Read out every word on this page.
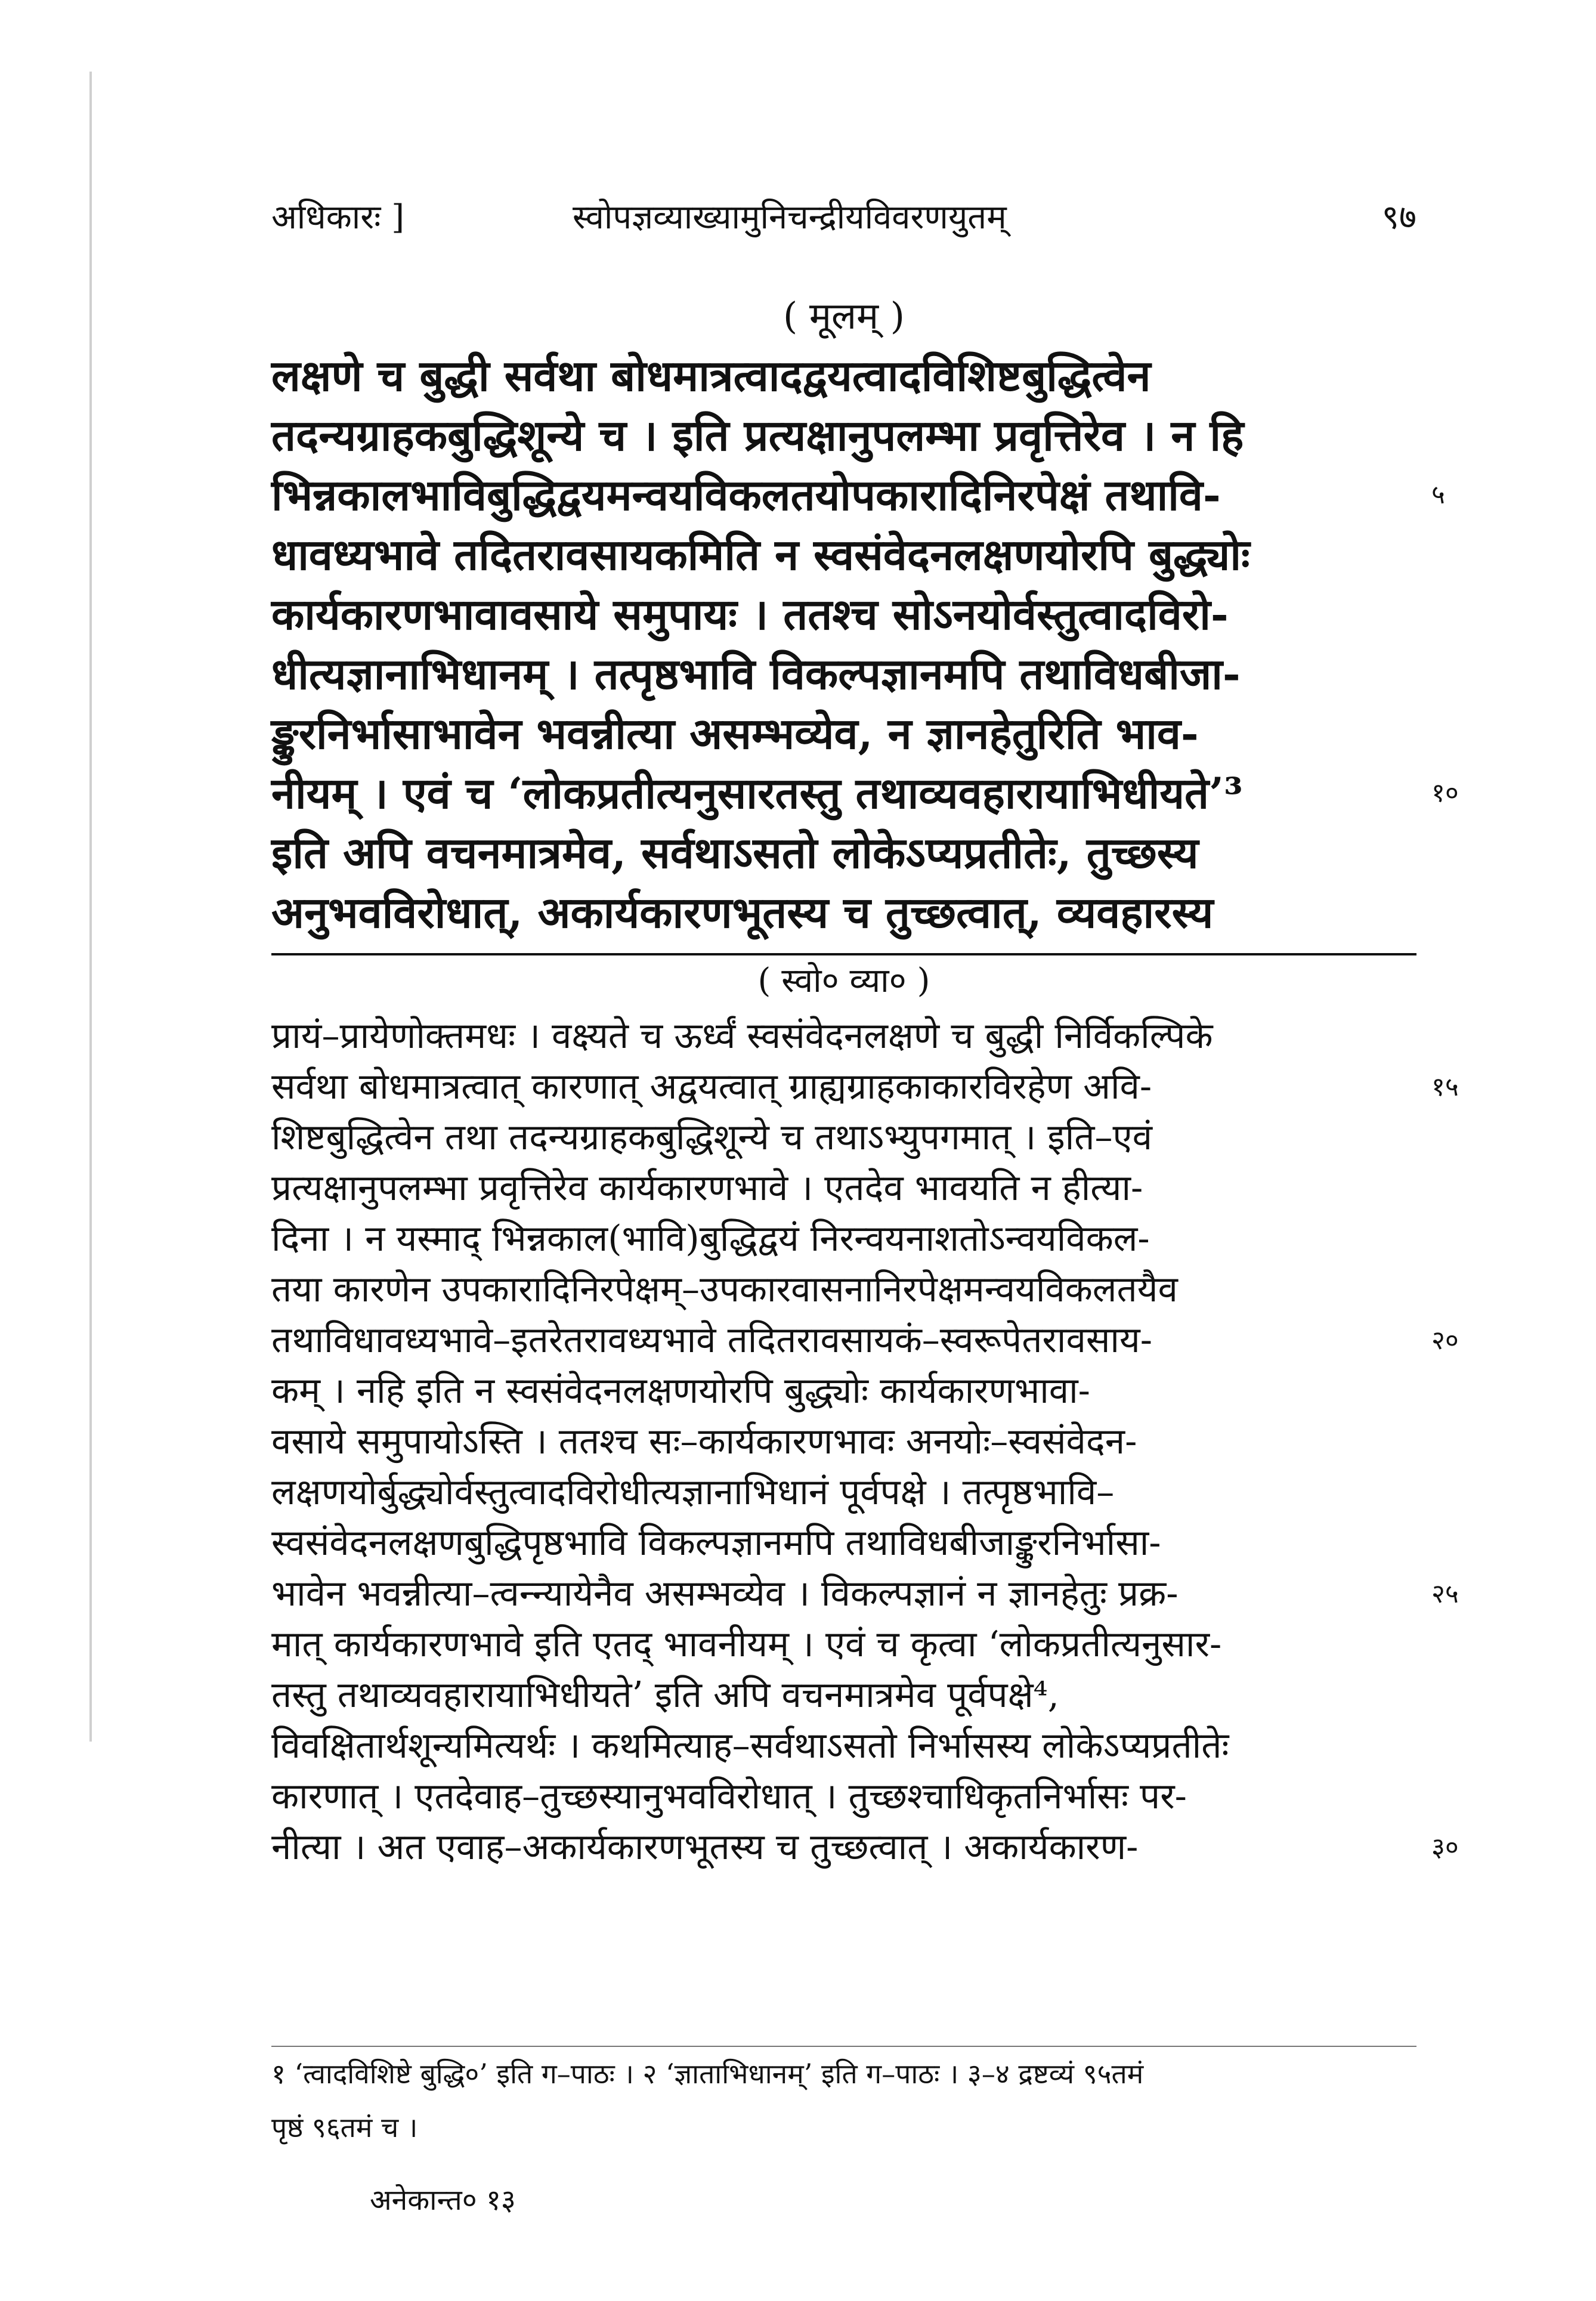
अधिकारः ]	स्वोपज्ञव्याख्यामुनिचन्द्रीयविवरणयुतम्	९७
( मूलम् )
लक्षणे च बुद्धी सर्वथा बोधमात्रत्वादद्वयत्वादविशिष्टबुद्धित्वेन
तदन्यग्राहकबुद्धिशून्ये च । इति प्रत्यक्षानुपलम्भा प्रवृत्तिरेव । न हि
भिन्नकालभाविबुद्धिद्वयमन्वयविकलतयोपकारादिनिरपेक्षं तथावि-	५
धावध्यभावे तदितरावसायकमिति न स्वसंवेदनलक्षणयोरपि बुद्ध्योः
कार्यकारणभावावसाये समुपायः । ततश्च सोऽनयोर्वस्तुत्वादविरो-
धीत्यज्ञानाभिधानम् । तत्पृष्ठभावि विकल्पज्ञानमपि तथाविधबीजा-
ङ्कुरनिर्भासाभावेन भवन्नीत्या असम्भव्येव, न ज्ञानहेतुरिति भाव-
नीयम् । एवं च ‘लोकप्रतीत्यनुसारतस्तु तथाव्यवहारायाभिधीयते’³	१०
इति अपि वचनमात्रमेव, सर्वथाऽसतो लोकेऽप्यप्रतीतेः, तुच्छस्य
अनुभवविरोधात्, अकार्यकारणभूतस्य च तुच्छत्वात्, व्यवहारस्य
( स्वो० व्या० )
प्रायं–प्रायेणोक्तमधः । वक्ष्यते च ऊर्ध्वं स्वसंवेदनलक्षणे च बुद्धी निर्विकल्पिके
सर्वथा बोधमात्रत्वात् कारणात् अद्वयत्वात् ग्राह्यग्राहकाकारविरहेण अवि-	१५
शिष्टबुद्धित्वेन तथा तदन्यग्राहकबुद्धिशून्ये च तथाऽभ्युपगमात् । इति–एवं
प्रत्यक्षानुपलम्भा प्रवृत्तिरेव कार्यकारणभावे । एतदेव भावयति न हीत्या-
दिना । न यस्माद् भिन्नकाल(भावि)बुद्धिद्वयं निरन्वयनाशतोऽन्वयविकल-
तया कारणेन उपकारादिनिरपेक्षम्–उपकारवासनानिरपेक्षमन्वयविकलतयैव
तथाविधावध्यभावे–इतरेतरावध्यभावे तदितरावसायकं–स्वरूपेतरावसाय-	२०
कम् । नहि इति न स्वसंवेदनलक्षणयोरपि बुद्ध्योः कार्यकारणभावा-
वसाये समुपायोऽस्ति । ततश्च सः–कार्यकारणभावः अनयोः–स्वसंवेदन-
लक्षणयोर्बुद्ध्योर्वस्तुत्वादविरोधीत्यज्ञानाभिधानं पूर्वपक्षे । तत्पृष्ठभावि–
स्वसंवेदनलक्षणबुद्धिपृष्ठभावि विकल्पज्ञानमपि तथाविधबीजाङ्कुरनिर्भासा-
भावेन भवन्नीत्या–त्वन्न्यायेनैव असम्भव्येव । विकल्पज्ञानं न ज्ञानहेतुः प्रक्र-	२५
मात् कार्यकारणभावे इति एतद् भावनीयम् । एवं च कृत्वा ‘लोकप्रतीत्यनुसार-
तस्तु तथाव्यवहारायाभिधीयते’ इति अपि वचनमात्रमेव पूर्वपक्षे⁴,
विवक्षितार्थशून्यमित्यर्थः । कथमित्याह–सर्वथाऽसतो निर्भासस्य लोकेऽप्यप्रतीतेः
कारणात् । एतदेवाह–तुच्छस्यानुभवविरोधात् । तुच्छश्चाधिकृतनिर्भासः पर-
नीत्या । अत एवाह–अकार्यकारणभूतस्य च तुच्छत्वात् । अकार्यकारण-	३०
१ ‘त्वादविशिष्टे बुद्धि०’ इति ग–पाठः । २ ‘ज्ञाताभिधानम्’ इति ग–पाठः । ३–४ द्रष्टव्यं ९५तमं
पृष्ठं ९६तमं च ।
अनेकान्त० १३
